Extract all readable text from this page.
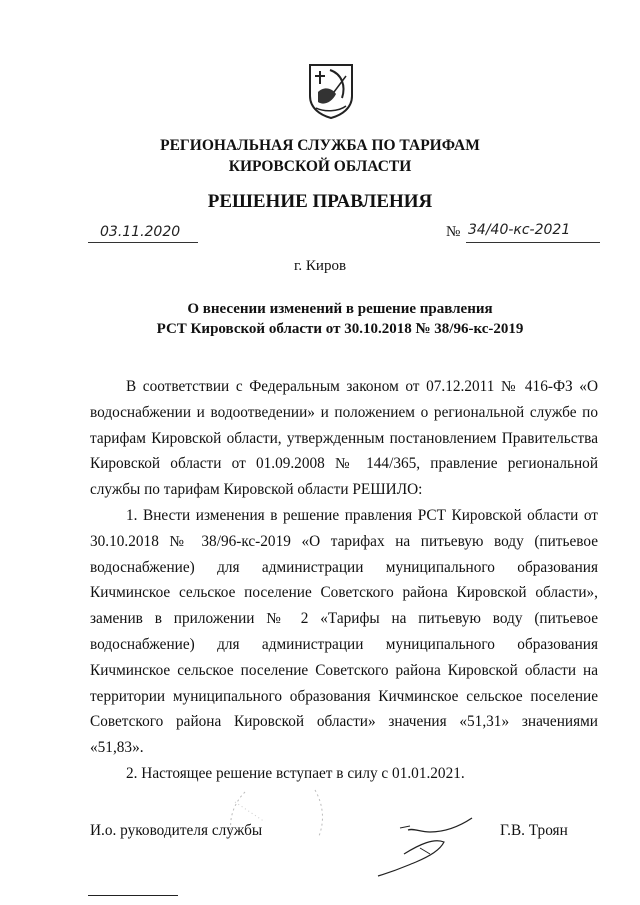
РЕГИОНАЛЬНАЯ СЛУЖБА ПО ТАРИФАМ
КИРОВСКОЙ ОБЛАСТИ
РЕШЕНИЕ ПРАВЛЕНИЯ
03.11.2020	№ 34/40-кс-2021
г. Киров
О внесении изменений в решение правления
РСТ Кировской области от 30.10.2018 № 38/96-кс-2019

В соответствии с Федеральным законом от 07.12.2011 № 416-ФЗ «О водоснабжении и водоотведении» и положением о региональной службе по тарифам Кировской области, утвержденным постановлением Правительства Кировской области от 01.09.2008 № 144/365, правление региональной службы по тарифам Кировской области РЕШИЛО:

1. Внести изменения в решение правления РСТ Кировской области от 30.10.2018 № 38/96-кс-2019 «О тарифах на питьевую воду (питьевое водоснабжение) для администрации муниципального образования Кичминское сельское поселение Советского района Кировской области», заменив в приложении № 2 «Тарифы на питьевую воду (питьевое водоснабжение) для администрации муниципального образования Кичминское сельское поселение Советского района Кировской области на территории муниципального образования Кичминское сельское поселение Советского района Кировской области» значения «51,31» значениями «51,83».

2. Настоящее решение вступает в силу с 01.01.2021.

И.о. руководителя службы	Г.В. Троян
